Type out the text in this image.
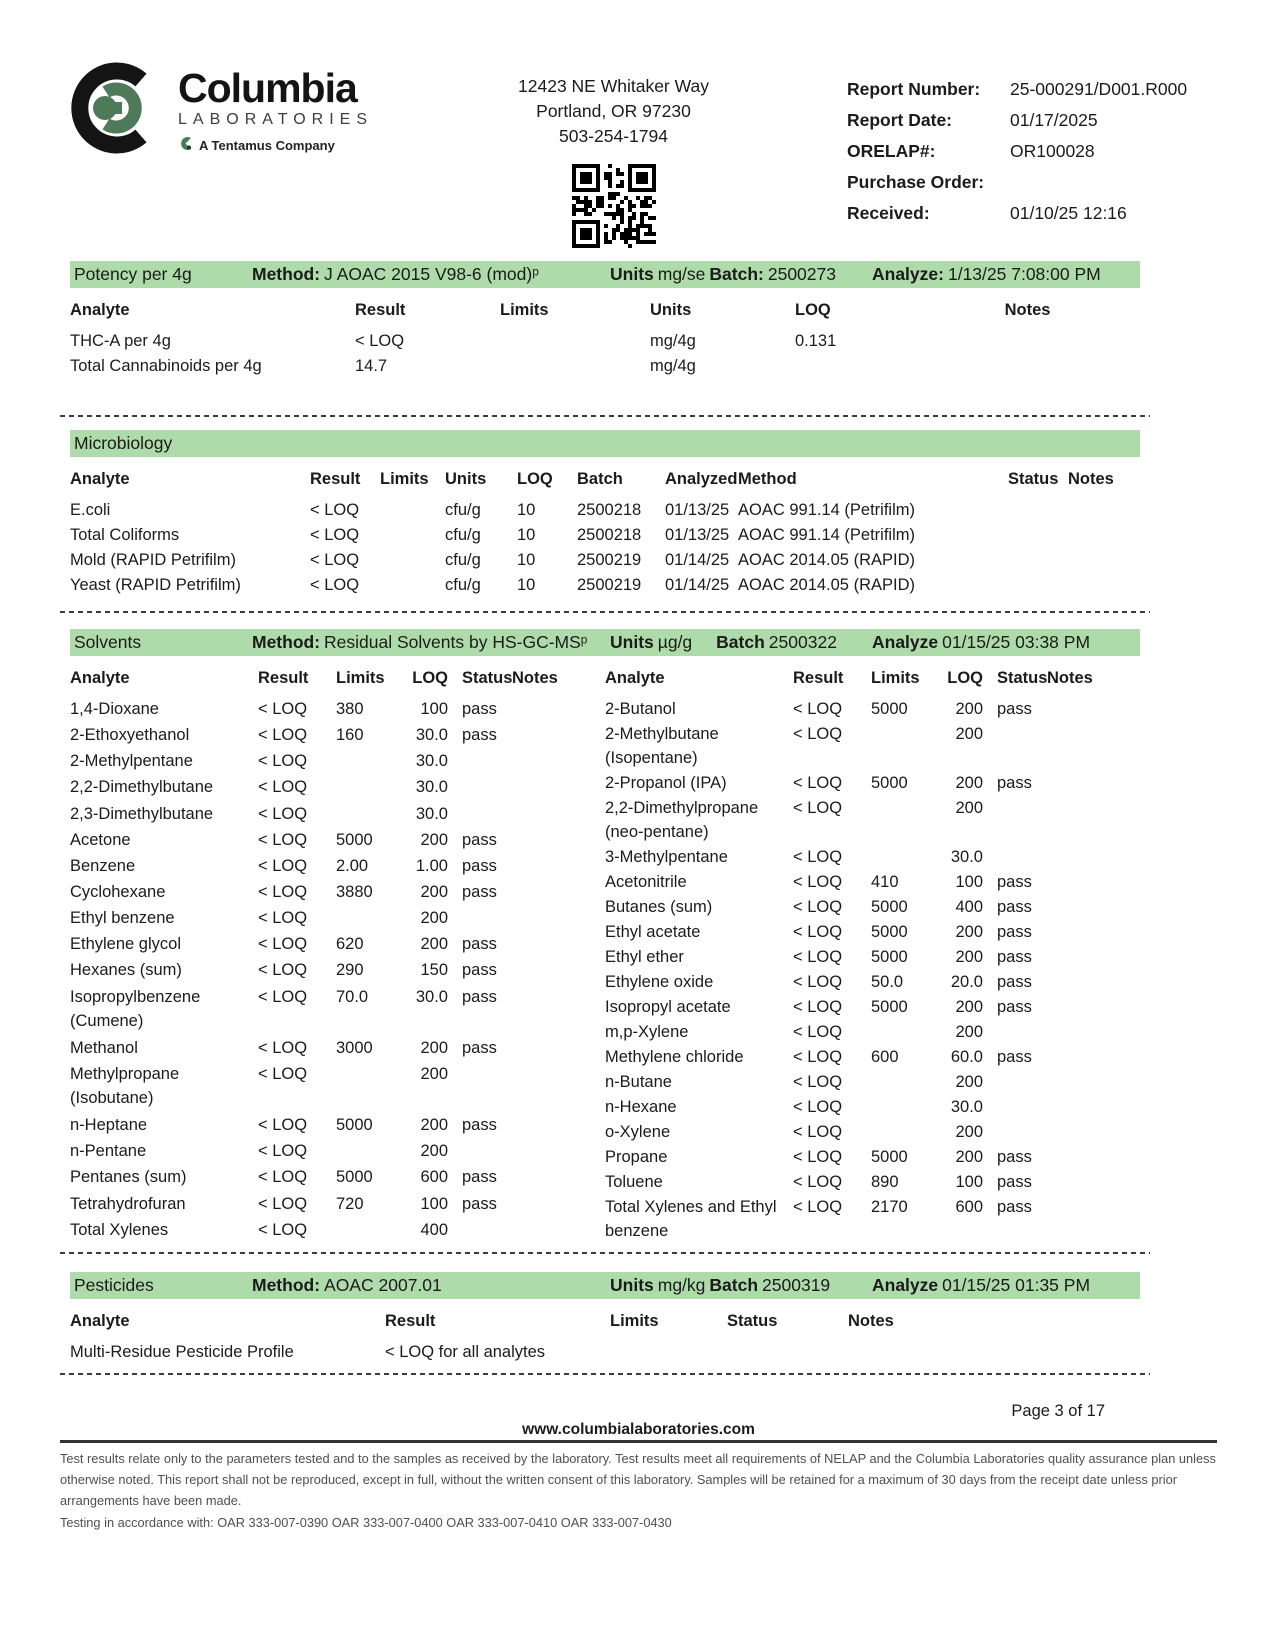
Columbia
LABORATORIES
A Tentamus Company
12423 NE Whitaker Way
Portland, OR 97230
503-254-1794
Report Number:	25-000291/D001.R000
Report Date:	01/17/2025
ORELAP#:	OR100028
Purchase Order:
Received:	01/10/25 12:16
Potency per 4g	Method: J AOAC 2015 V98-6 (mod)ᵖ	Units mg/se Batch: 2500273	Analyze: 1/13/25 7:08:00 PM
Analyte	Result	Limits	Units	LOQ	Notes
THC-A per 4g	< LOQ		mg/4g	0.131	
Total Cannabinoids per 4g	14.7		mg/4g		
Microbiology
Analyte	Result	Limits	Units	LOQ	Batch	Analyzed	Method	Status	Notes
E.coli	< LOQ		cfu/g	10	2500218	01/13/25	AOAC 991.14 (Petrifilm)		
Total Coliforms	< LOQ		cfu/g	10	2500218	01/13/25	AOAC 991.14 (Petrifilm)		
Mold (RAPID Petrifilm)	< LOQ		cfu/g	10	2500219	01/14/25	AOAC 2014.05 (RAPID)		
Yeast (RAPID Petrifilm)	< LOQ		cfu/g	10	2500219	01/14/25	AOAC 2014.05 (RAPID)		
Solvents	Method: Residual Solvents by HS-GC-MSᵖ	Units µg/g Batch 2500322	Analyze 01/15/25 03:38 PM
Analyte	Result	Limits	LOQ	Status	Notes
1,4-Dioxane	< LOQ	380	100	pass	
2-Ethoxyethanol	< LOQ	160	30.0	pass	
2-Methylpentane	< LOQ		30.0		
2,2-Dimethylbutane	< LOQ		30.0		
2,3-Dimethylbutane	< LOQ		30.0		
Acetone	< LOQ	5000	200	pass	
Benzene	< LOQ	2.00	1.00	pass	
Cyclohexane	< LOQ	3880	200	pass	
Ethyl benzene	< LOQ		200		
Ethylene glycol	< LOQ	620	200	pass	
Hexanes (sum)	< LOQ	290	150	pass	
Isopropylbenzene (Cumene)	< LOQ	70.0	30.0	pass	
Methanol	< LOQ	3000	200	pass	
Methylpropane (Isobutane)	< LOQ		200		
n-Heptane	< LOQ	5000	200	pass	
n-Pentane	< LOQ		200		
Pentanes (sum)	< LOQ	5000	600	pass	
Tetrahydrofuran	< LOQ	720	100	pass	
Total Xylenes	< LOQ		400		
Analyte	Result	Limits	LOQ	Status	Notes
2-Butanol	< LOQ	5000	200	pass	
2-Methylbutane (Isopentane)	< LOQ		200		
2-Propanol (IPA)	< LOQ	5000	200	pass	
2,2-Dimethylpropane (neo-pentane)	< LOQ		200		
3-Methylpentane	< LOQ		30.0		
Acetonitrile	< LOQ	410	100	pass	
Butanes (sum)	< LOQ	5000	400	pass	
Ethyl acetate	< LOQ	5000	200	pass	
Ethyl ether	< LOQ	5000	200	pass	
Ethylene oxide	< LOQ	50.0	20.0	pass	
Isopropyl acetate	< LOQ	5000	200	pass	
m,p-Xylene	< LOQ		200		
Methylene chloride	< LOQ	600	60.0	pass	
n-Butane	< LOQ		200		
n-Hexane	< LOQ		30.0		
o-Xylene	< LOQ		200		
Propane	< LOQ	5000	200	pass	
Toluene	< LOQ	890	100	pass	
Total Xylenes and Ethyl benzene	< LOQ	2170	600	pass	
Pesticides	Method: AOAC 2007.01	Units mg/kg Batch 2500319	Analyze 01/15/25 01:35 PM
Analyte	Result	Limits	Status	Notes
Multi-Residue Pesticide Profile	< LOQ for all analytes			
Page 3 of 17
www.columbialaboratories.com
Test results relate only to the parameters tested and to the samples as received by the laboratory. Test results meet all requirements of NELAP and the Columbia Laboratories quality assurance plan unless otherwise noted. This report shall not be reproduced, except in full, without the written consent of this laboratory. Samples will be retained for a maximum of 30 days from the receipt date unless prior arrangements have been made.
Testing in accordance with: OAR 333-007-0390 OAR 333-007-0400 OAR 333-007-0410 OAR 333-007-0430
